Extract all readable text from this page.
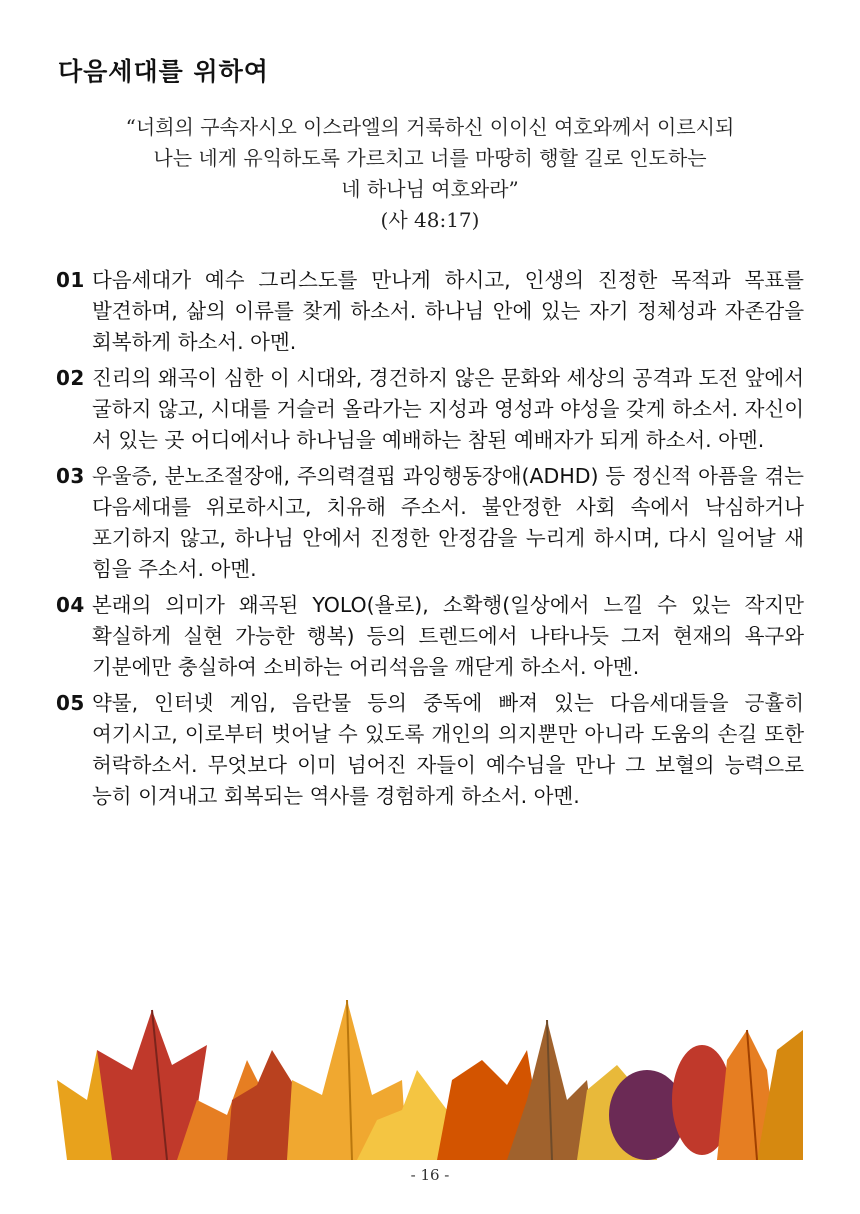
다음세대를 위하여
“너희의 구속자시오 이스라엘의 거룩하신 이이신 여호와께서 이르시되
나는 네게 유익하도록 가르치고 너를 마땅히 행할 길로 인도하는
네 하나님 여호와라”
(사 48:17)
01 다음세대가 예수 그리스도를 만나게 하시고, 인생의 진정한 목적과 목표를 발견하며, 삶의 이류를 찾게 하소서. 하나님 안에 있는 자기 정체성과 자존감을 회복하게 하소서. 아멘.
02 진리의 왜곡이 심한 이 시대와, 경건하지 않은 문화와 세상의 공격과 도전 앞에서 굴하지 않고, 시대를 거슬러 올라가는 지성과 영성과 야성을 갖게 하소서. 자신이 서 있는 곳 어디에서나 하나님을 예배하는 참된 예배자가 되게 하소서. 아멘.
03 우울증, 분노조절장애, 주의력결핍 과잉행동장애(ADHD) 등 정신적 아픔을 겪는 다음세대를 위로하시고, 치유해 주소서. 불안정한 사회 속에서 낙심하거나 포기하지 않고, 하나님 안에서 진정한 안정감을 누리게 하시며, 다시 일어날 새 힘을 주소서. 아멘.
04 본래의 의미가 왜곡된 YOLO(욜로), 소확행(일상에서 느낄 수 있는 작지만 확실하게 실현 가능한 행복) 등의 트렌드에서 나타나듯 그저 현재의 욕구와 기분에만 충실하여 소비하는 어리석음을 깨닫게 하소서. 아멘.
05 약물, 인터넷 게임, 음란물 등의 중독에 빠져 있는 다음세대들을 긍휼히 여기시고, 이로부터 벗어날 수 있도록 개인의 의지뿐만 아니라 도움의 손길 또한 허락하소서. 무엇보다 이미 넘어진 자들이 예수님을 만나 그 보혈의 능력으로 능히 이겨내고 회복되는 역사를 경험하게 하소서. 아멘.
- 16 -
